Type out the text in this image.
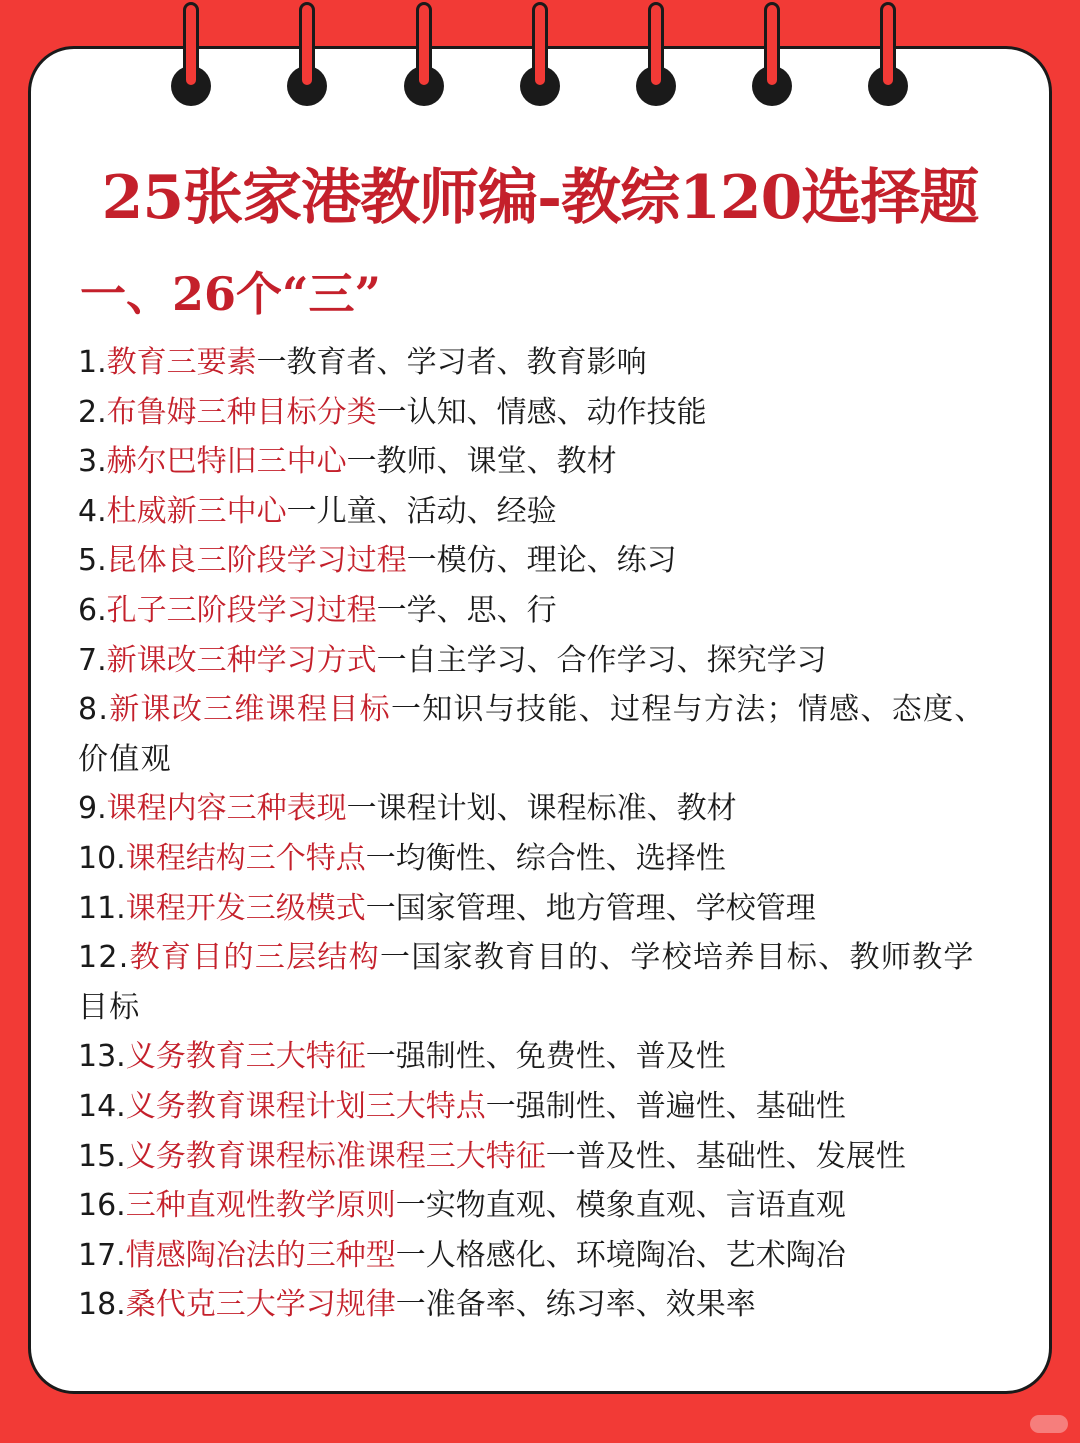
25张家港教师编-教综120选择题
一、26个“三”
1.教育三要素一教育者、学习者、教育影响
2.布鲁姆三种目标分类一认知、情感、动作技能
3.赫尔巴特旧三中心一教师、课堂、教材
4.杜威新三中心一儿童、活动、经验
5.昆体良三阶段学习过程一模仿、理论、练习
6.孔子三阶段学习过程一学、思、行
7.新课改三种学习方式一自主学习、合作学习、探究学习
8.新课改三维课程目标一知识与技能、过程与方法；情感、态度、价值观
9.课程内容三种表现一课程计划、课程标准、教材
10.课程结构三个特点一均衡性、综合性、选择性
11.课程开发三级模式一国家管理、地方管理、学校管理
12.教育目的三层结构一国家教育目的、学校培养目标、教师教学目标
13.义务教育三大特征一强制性、免费性、普及性
14.义务教育课程计划三大特点一强制性、普遍性、基础性
15.义务教育课程标准课程三大特征一普及性、基础性、发展性
16.三种直观性教学原则一实物直观、模象直观、言语直观
17.情感陶冶法的三种型一人格感化、环境陶冶、艺术陶冶
18.桑代克三大学习规律一准备率、练习率、效果率
